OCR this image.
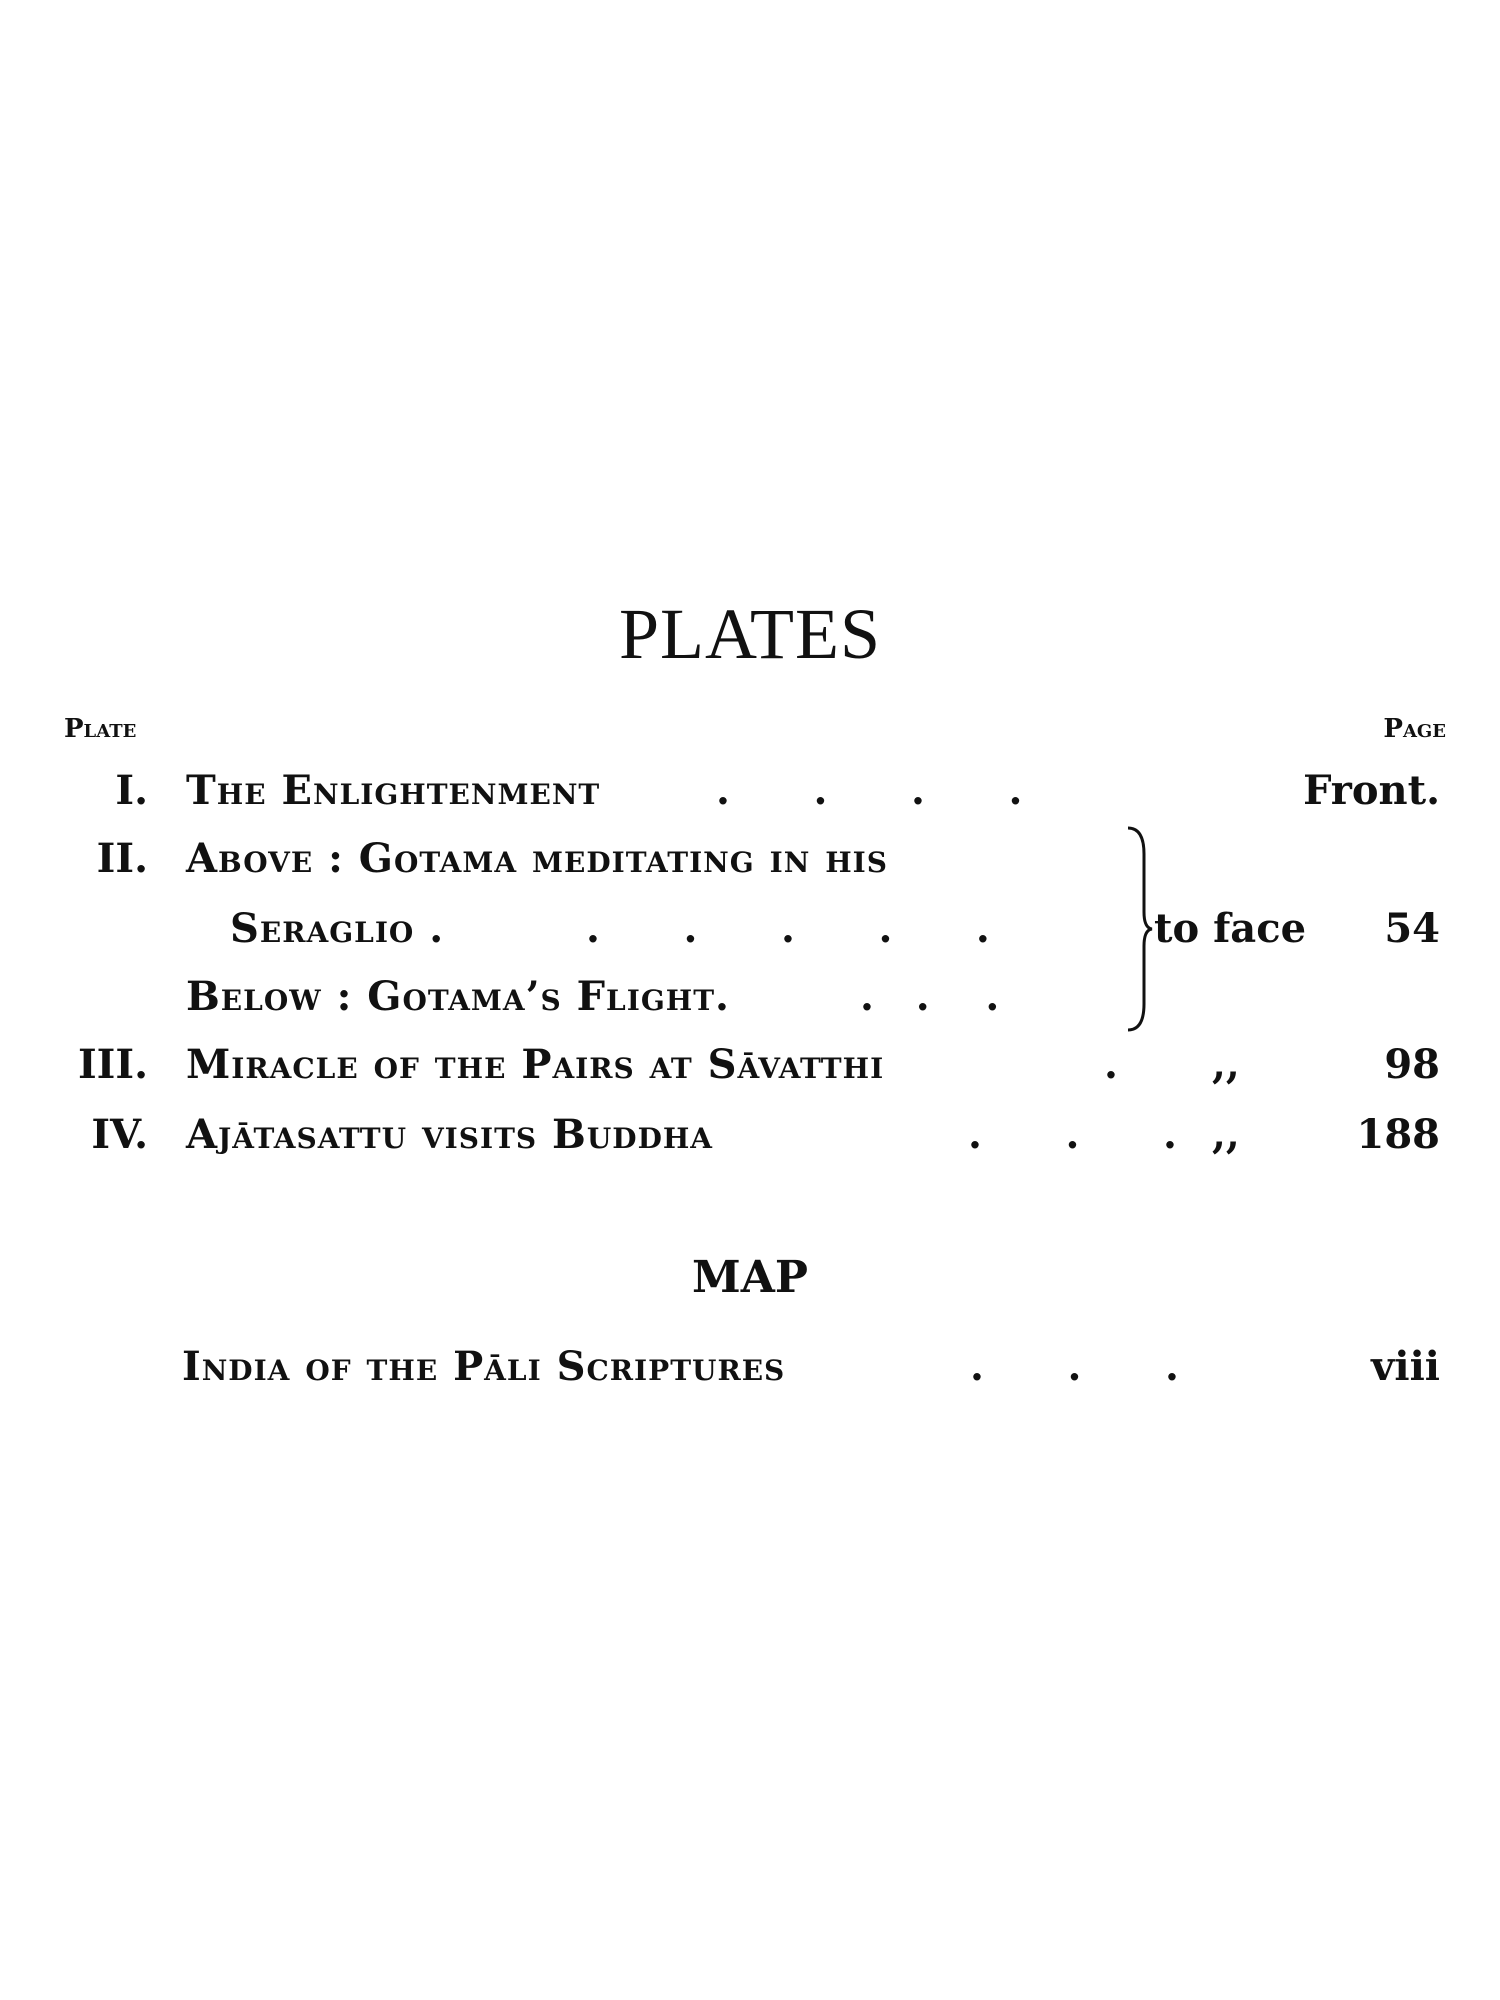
PLATES
Plate	Page
I. The Enlightenment	.      .      .      .	Front.
II. Above : Gotama meditating in his
Seraglio .	.      .      .      .      .	to face 54
Below : Gotama’s Flight.	.   .    .
III. Miracle of the Pairs at Sāvatthi	. ,,	98
IV. Ajātasattu visits Buddha	.      .      . ,,	188
MAP
India of the Pāli Scriptures	.      .      .	viii
